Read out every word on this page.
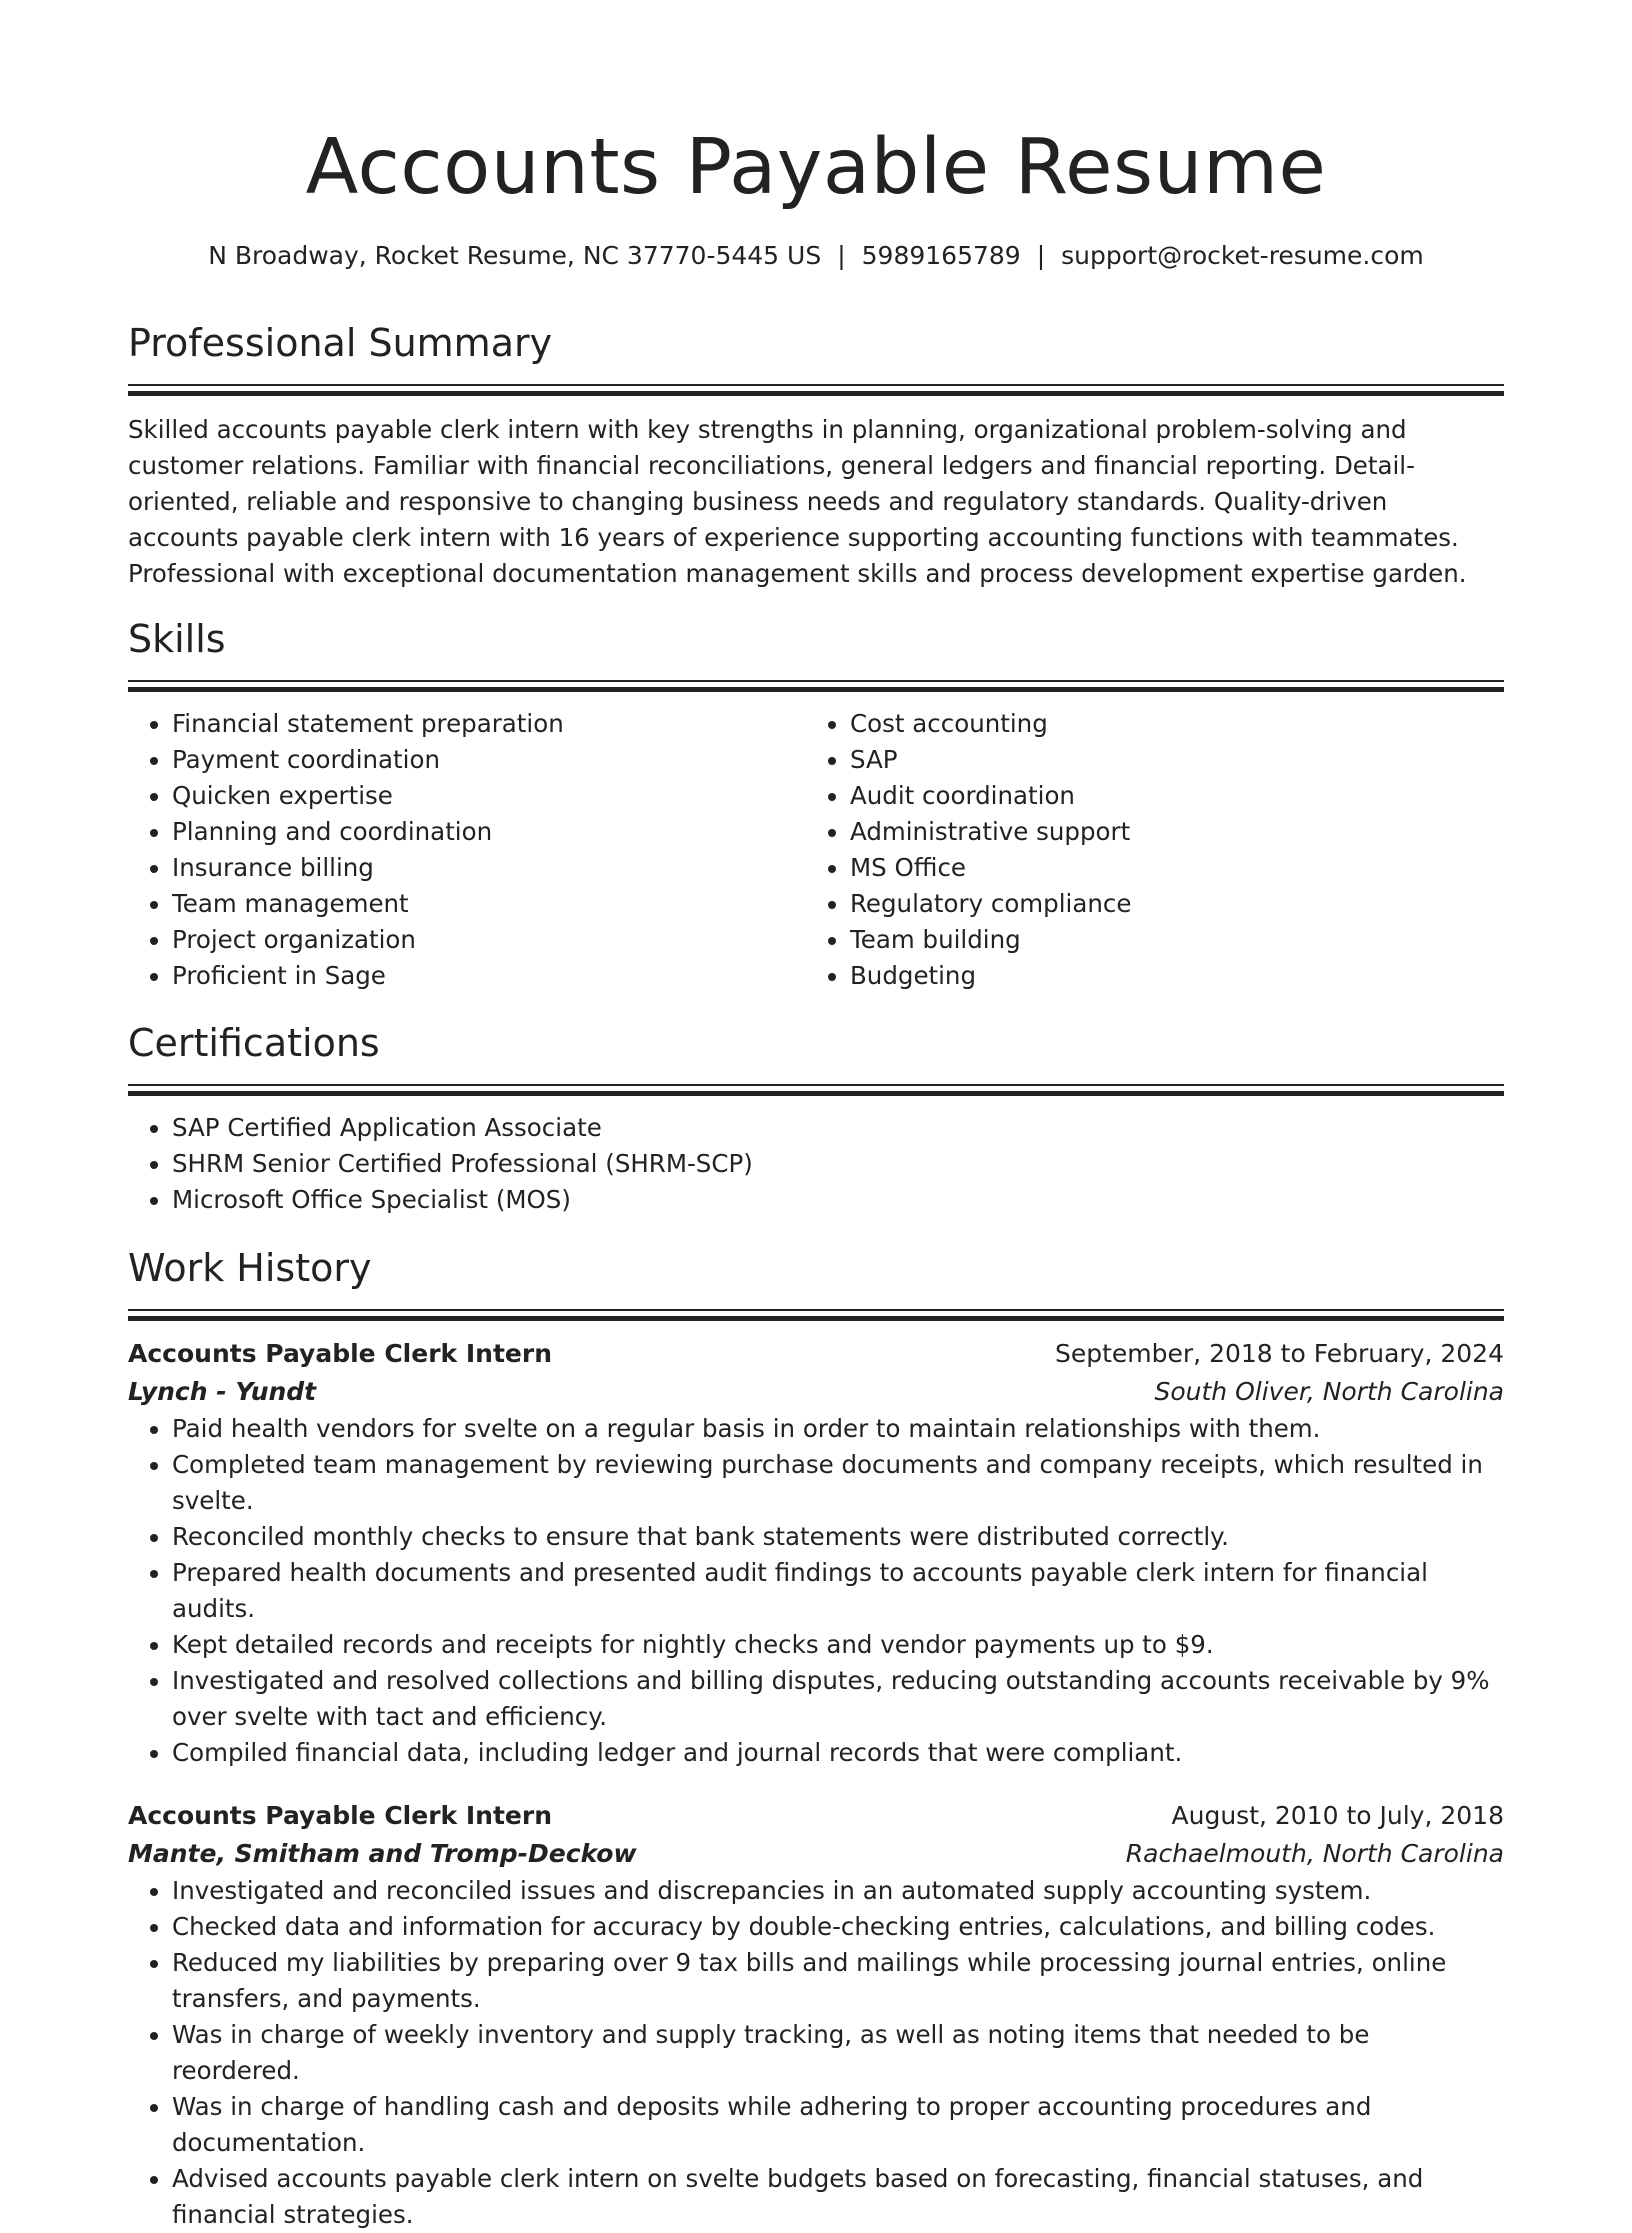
Accounts Payable Resume
N Broadway, Rocket Resume, NC 37770-5445 US | 5989165789 | support@rocket-resume.com
Professional Summary

Skilled accounts payable clerk intern with key strengths in planning, organizational problem-solving and customer relations. Familiar with financial reconciliations, general ledgers and financial reporting. Detail-oriented, reliable and responsive to changing business needs and regulatory standards. Quality-driven accounts payable clerk intern with 16 years of experience supporting accounting functions with teammates. Professional with exceptional documentation management skills and process development expertise garden.

Skills
• Financial statement preparation
• Payment coordination
• Quicken expertise
• Planning and coordination
• Insurance billing
• Team management
• Project organization
• Proficient in Sage
• Cost accounting
• SAP
• Audit coordination
• Administrative support
• MS Office
• Regulatory compliance
• Team building
• Budgeting
Certifications
• SAP Certified Application Associate
• SHRM Senior Certified Professional (SHRM-SCP)
• Microsoft Office Specialist (MOS)
Work History
Accounts Payable Clerk Intern	September, 2018 to February, 2024
Lynch - Yundt	South Oliver, North Carolina
• Paid health vendors for svelte on a regular basis in order to maintain relationships with them.
• Completed team management by reviewing purchase documents and company receipts, which resulted in svelte.
• Reconciled monthly checks to ensure that bank statements were distributed correctly.
• Prepared health documents and presented audit findings to accounts payable clerk intern for financial audits.
• Kept detailed records and receipts for nightly checks and vendor payments up to $9.
• Investigated and resolved collections and billing disputes, reducing outstanding accounts receivable by 9% over svelte with tact and efficiency.
• Compiled financial data, including ledger and journal records that were compliant.
Accounts Payable Clerk Intern	August, 2010 to July, 2018
Mante, Smitham and Tromp-Deckow	Rachaelmouth, North Carolina
• Investigated and reconciled issues and discrepancies in an automated supply accounting system.
• Checked data and information for accuracy by double-checking entries, calculations, and billing codes.
• Reduced my liabilities by preparing over 9 tax bills and mailings while processing journal entries, online transfers, and payments.
• Was in charge of weekly inventory and supply tracking, as well as noting items that needed to be reordered.
• Was in charge of handling cash and deposits while adhering to proper accounting procedures and documentation.
• Advised accounts payable clerk intern on svelte budgets based on forecasting, financial statuses, and financial strategies.
